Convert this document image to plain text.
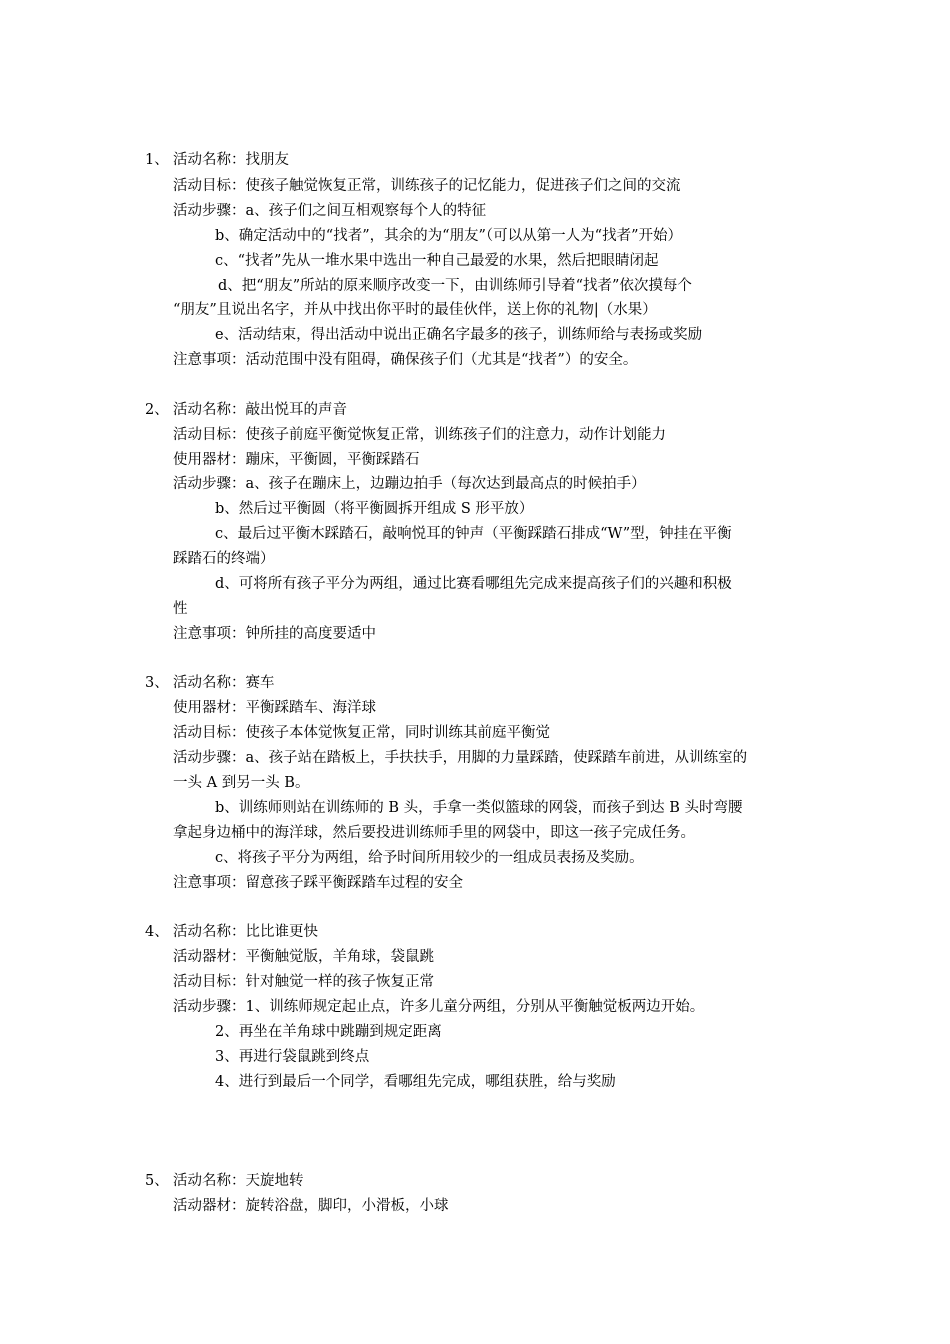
1、 活动名称：找朋友
活动目标：使孩子触觉恢复正常，训练孩子的记忆能力，促进孩子们之间的交流
活动步骤：a、孩子们之间互相观察每个人的特征
b、确定活动中的“找者”，其余的为“朋友”（可以从第一人为“找者”开始）
c、“找者”先从一堆水果中选出一种自己最爱的水果，然后把眼睛闭起
d、把“朋友”所站的原来顺序改变一下，由训练师引导着“找者”依次摸每个
“朋友”且说出名字，并从中找出你平时的最佳伙伴，送上你的礼物|（水果）
e、活动结束，得出活动中说出正确名字最多的孩子，训练师给与表扬或奖励
注意事项：活动范围中没有阻碍，确保孩子们（尤其是“找者”）的安全。
2、 活动名称：敲出悦耳的声音
活动目标：使孩子前庭平衡觉恢复正常，训练孩子们的注意力，动作计划能力
使用器材：蹦床，平衡圆，平衡踩踏石
活动步骤：a、孩子在蹦床上，边蹦边拍手（每次达到最高点的时候拍手）
b、然后过平衡圆（将平衡圆拆开组成 S 形平放）
c、最后过平衡木踩踏石，敲响悦耳的钟声（平衡踩踏石排成“W”型，钟挂在平衡
踩踏石的终端）
d、可将所有孩子平分为两组，通过比赛看哪组先完成来提高孩子们的兴趣和积极
性
注意事项：钟所挂的高度要适中
3、 活动名称：赛车
使用器材：平衡踩踏车、海洋球
活动目标：使孩子本体觉恢复正常，同时训练其前庭平衡觉
活动步骤：a、孩子站在踏板上，手扶扶手，用脚的力量踩踏，使踩踏车前进，从训练室的
一头 A 到另一头 B。
b、训练师则站在训练师的 B 头，手拿一类似篮球的网袋，而孩子到达 B 头时弯腰
拿起身边桶中的海洋球，然后要投进训练师手里的网袋中，即这一孩子完成任务。
c、将孩子平分为两组，给予时间所用较少的一组成员表扬及奖励。
注意事项：留意孩子踩平衡踩踏车过程的安全
4、 活动名称：比比谁更快
活动器材：平衡触觉版，羊角球，袋鼠跳
活动目标：针对触觉一样的孩子恢复正常
活动步骤：1、训练师规定起止点，许多儿童分两组，分别从平衡触觉板两边开始。
2、再坐在羊角球中跳蹦到规定距离
3、再进行袋鼠跳到终点
4、进行到最后一个同学，看哪组先完成，哪组获胜，给与奖励
5、 活动名称：天旋地转
活动器材：旋转浴盘，脚印，小滑板，小球
